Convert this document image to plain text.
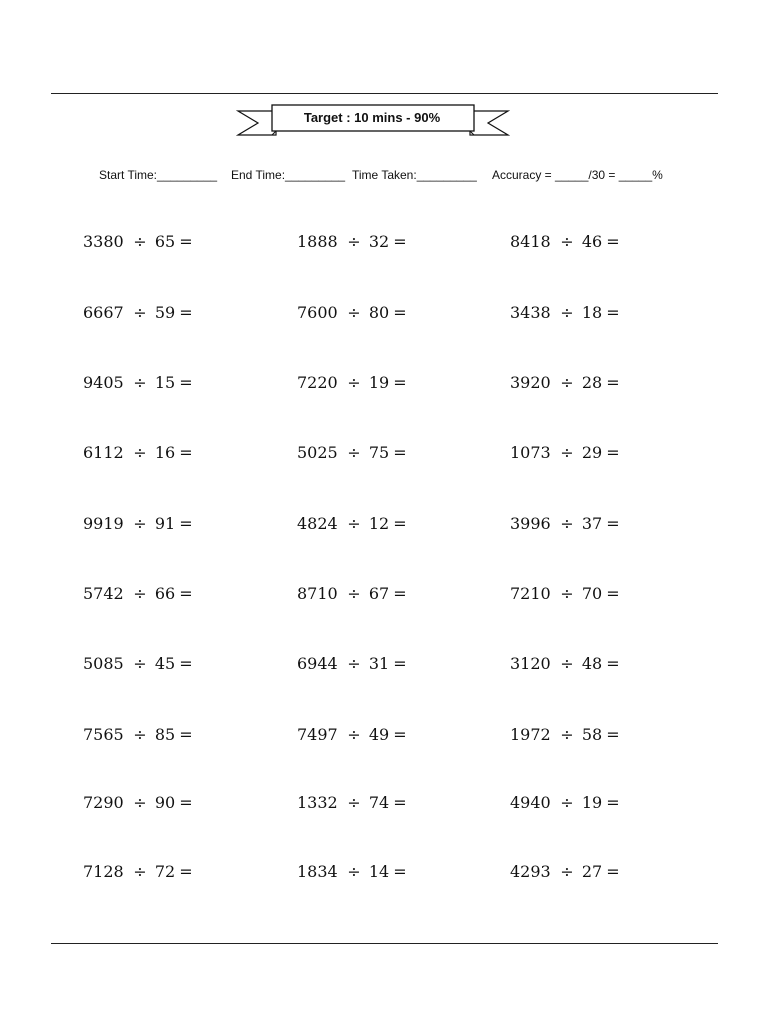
Target : 10 mins - 90%
Start Time:_________ End Time:_________ Time Taken:_________ Accuracy = _____/30 = _____%
3380 ÷ 65 =
6667 ÷ 59 =
9405 ÷ 15 =
6112 ÷ 16 =
9919 ÷ 91 =
5742 ÷ 66 =
5085 ÷ 45 =
7565 ÷ 85 =
7290 ÷ 90 =
7128 ÷ 72 =
1888 ÷ 32 =
7600 ÷ 80 =
7220 ÷ 19 =
5025 ÷ 75 =
4824 ÷ 12 =
8710 ÷ 67 =
6944 ÷ 31 =
7497 ÷ 49 =
1332 ÷ 74 =
1834 ÷ 14 =
8418 ÷ 46 =
3438 ÷ 18 =
3920 ÷ 28 =
1073 ÷ 29 =
3996 ÷ 37 =
7210 ÷ 70 =
3120 ÷ 48 =
1972 ÷ 58 =
4940 ÷ 19 =
4293 ÷ 27 =
